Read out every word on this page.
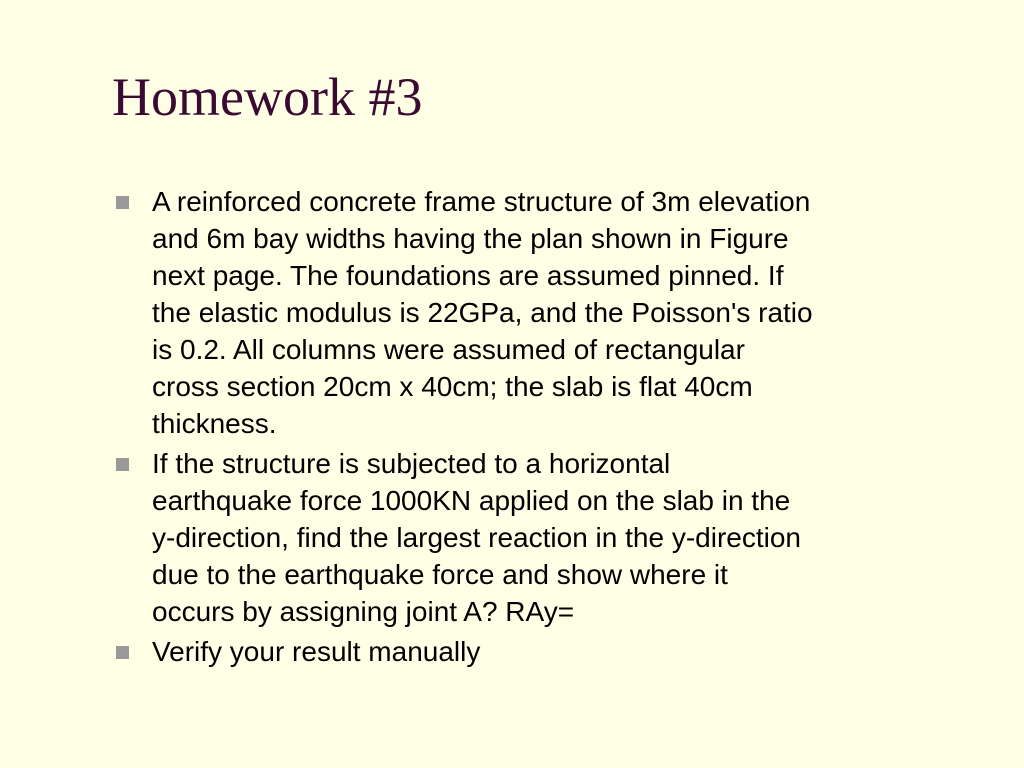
Homework #3
A reinforced concrete frame structure of 3m elevation
and 6m bay widths having the plan shown in Figure
next page. The foundations are assumed pinned. If
the elastic modulus is 22GPa, and the Poisson's ratio
is 0.2. All columns were assumed of rectangular
cross section 20cm x 40cm; the slab is flat 40cm
thickness.
If the structure is subjected to a horizontal
earthquake force 1000KN applied on the slab in the
y-direction, find the largest reaction in the y-direction
due to the earthquake force and show where it
occurs by assigning joint A? RAy=
Verify your result manually
